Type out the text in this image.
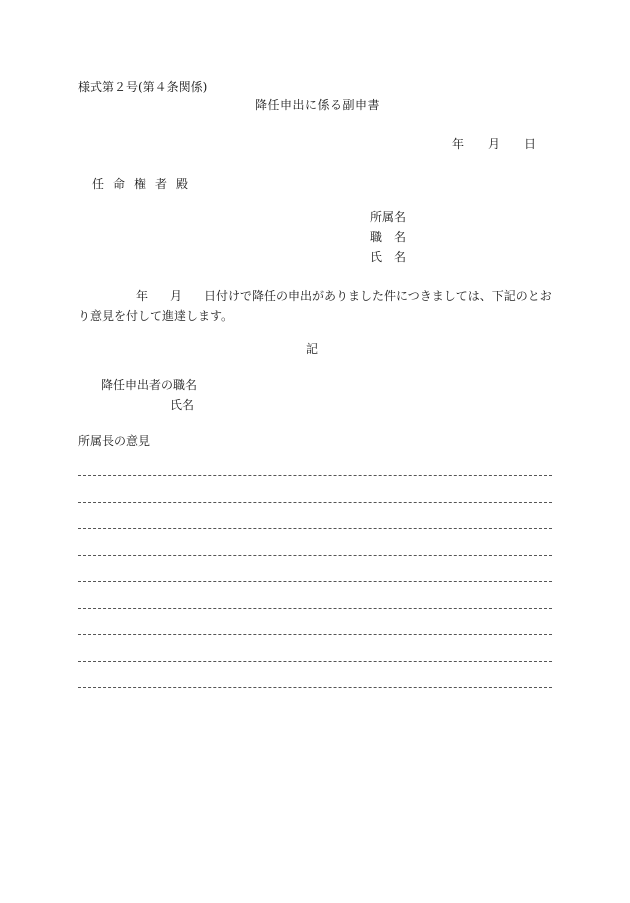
様式第２号(第４条関係)
降任申出に係る副申書
年 月 日
任命権者殿
所属名
職　名
氏　名
年 月 日付けで降任の申出がありました件につきましては、下記のとおり意見を付して進達します。
記
降任申出者の職名
氏名
所属長の意見
